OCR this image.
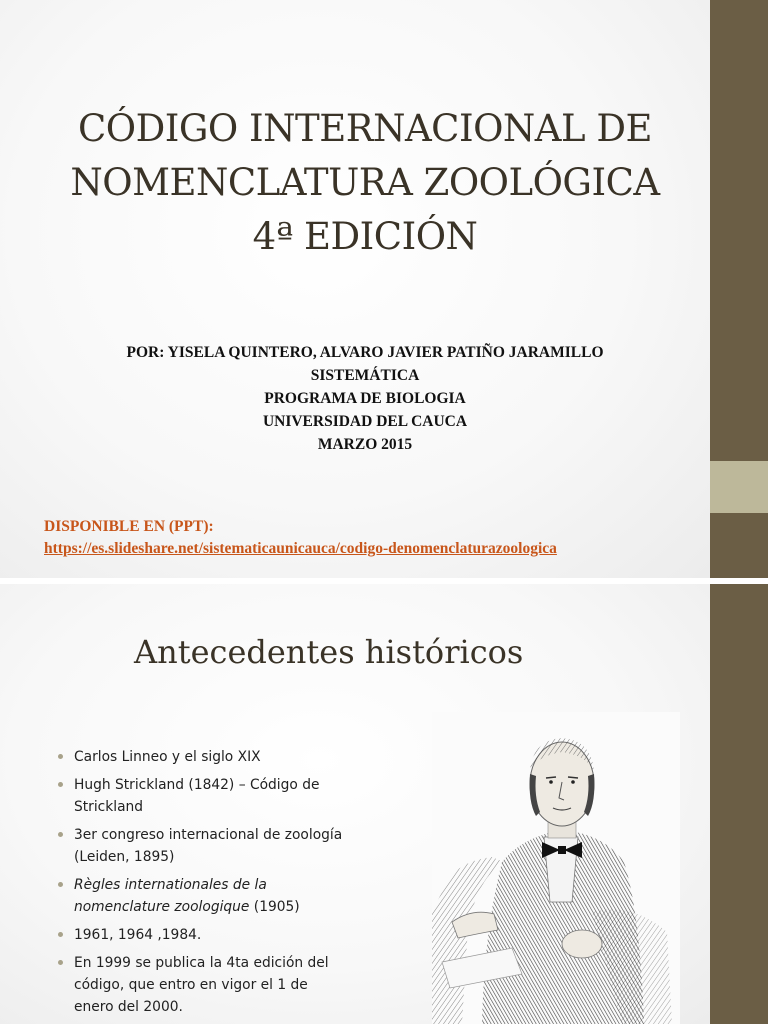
CÓDIGO INTERNACIONAL DE
NOMENCLATURA ZOOLÓGICA
4ª EDICIÓN
POR: YISELA QUINTERO, ALVARO JAVIER PATIÑO JARAMILLO
SISTEMÁTICA
PROGRAMA DE BIOLOGIA
UNIVERSIDAD DEL CAUCA
MARZO 2015
DISPONIBLE EN (PPT):
https://es.slideshare.net/sistematicaunicauca/codigo-denomenclaturazoologica
Antecedentes históricos
Carlos Linneo y el siglo XIX
Hugh Strickland (1842) – Código de Strickland
3er congreso internacional de zoología (Leiden, 1895)
Règles internationales de la nomenclature zoologique (1905)
1961, 1964 ,1984.
En 1999 se publica la 4ta edición del código, que entro en vigor el 1 de enero del 2000.
